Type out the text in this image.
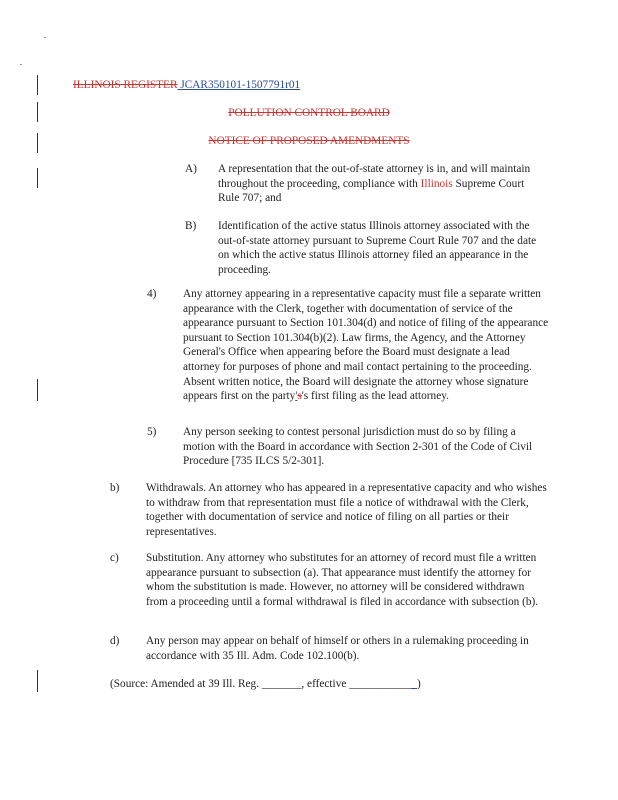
ILLINOIS REGISTER JCAR350101-1507791r01

POLLUTION CONTROL BOARD

NOTICE OF PROPOSED AMENDMENTS

A) A representation that the out-of-state attorney is in, and will maintain throughout the proceeding, compliance with Illinois Supreme Court Rule 707; and

B) Identification of the active status Illinois attorney associated with the out-of-state attorney pursuant to Supreme Court Rule 707 and the date on which the active status Illinois attorney filed an appearance in the proceeding.

4) Any attorney appearing in a representative capacity must file a separate written appearance with the Clerk, together with documentation of service of the appearance pursuant to Section 101.304(d) and notice of filing of the appearance pursuant to Section 101.304(b)(2). Law firms, the Agency, and the Attorney General's Office when appearing before the Board must designate a lead attorney for purposes of phone and mail contact pertaining to the proceeding. Absent written notice, the Board will designate the attorney whose signature appears first on the party's's first filing as the lead attorney.

5) Any person seeking to contest personal jurisdiction must do so by filing a motion with the Board in accordance with Section 2-301 of the Code of Civil Procedure [735 ILCS 5/2-301].

b) Withdrawals. An attorney who has appeared in a representative capacity and who wishes to withdraw from that representation must file a notice of withdrawal with the Clerk, together with documentation of service and notice of filing on all parties or their representatives.

c) Substitution. Any attorney who substitutes for an attorney of record must file a written appearance pursuant to subsection (a). That appearance must identify the attorney for whom the substitution is made. However, no attorney will be considered withdrawn from a proceeding until a formal withdrawal is filed in accordance with subsection (b).

d) Any person may appear on behalf of himself or others in a rulemaking proceeding in accordance with 35 Ill. Adm. Code 102.100(b).

(Source: Amended at 39 Ill. Reg. _______, effective ____________)
